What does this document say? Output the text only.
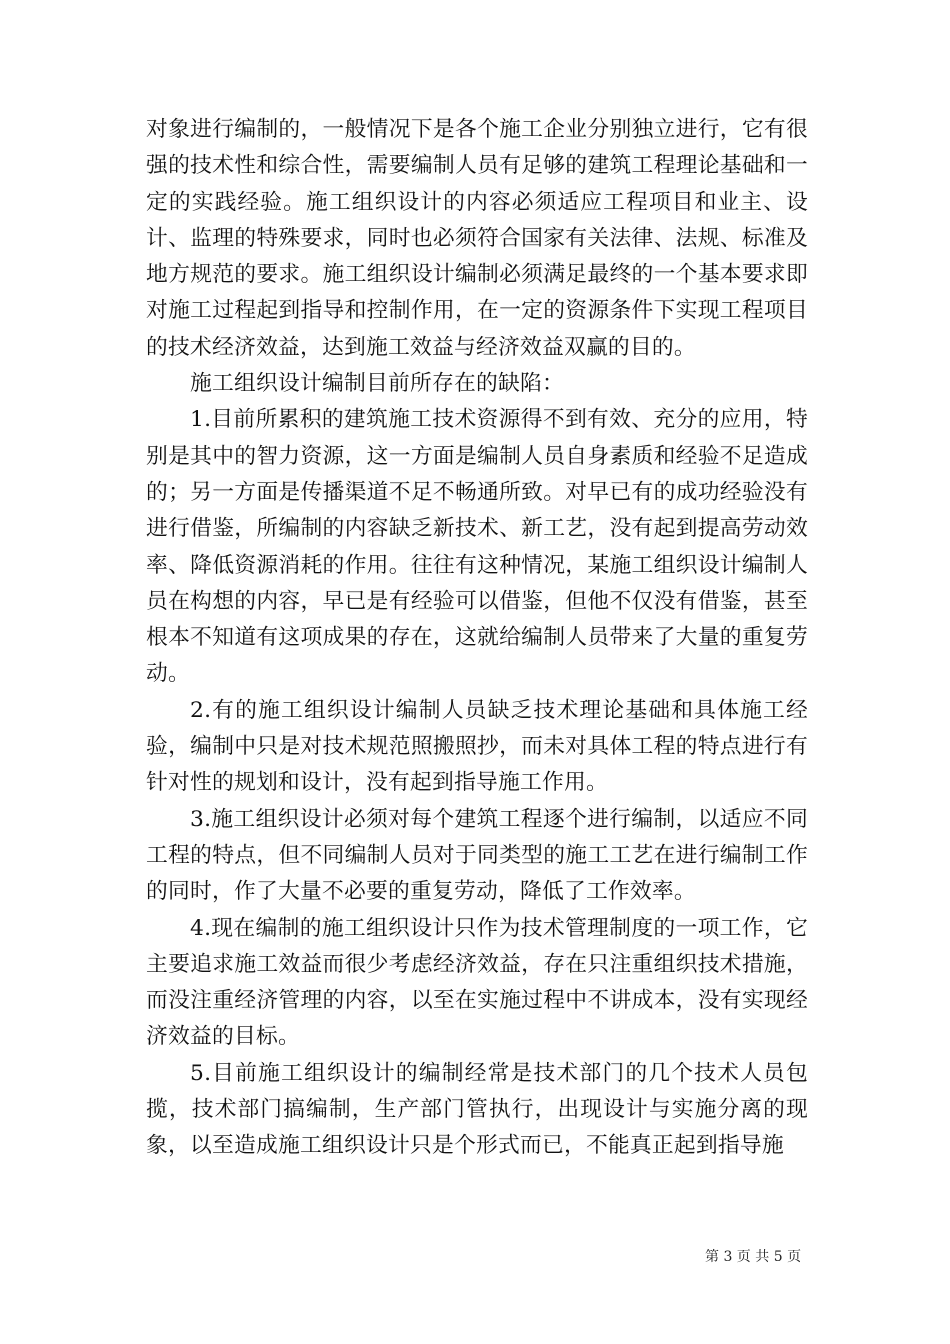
对象进行编制的，一般情况下是各个施工企业分别独立进行，它有很强的技术性和综合性，需要编制人员有足够的建筑工程理论基础和一定的实践经验。施工组织设计的内容必须适应工程项目和业主、设计、监理的特殊要求，同时也必须符合国家有关法律、法规、标准及地方规范的要求。施工组织设计编制必须满足最终的一个基本要求即对施工过程起到指导和控制作用，在一定的资源条件下实现工程项目的技术经济效益，达到施工效益与经济效益双赢的目的。

施工组织设计编制目前所存在的缺陷：

1.目前所累积的建筑施工技术资源得不到有效、充分的应用，特别是其中的智力资源，这一方面是编制人员自身素质和经验不足造成的；另一方面是传播渠道不足不畅通所致。对早已有的成功经验没有进行借鉴，所编制的内容缺乏新技术、新工艺，没有起到提高劳动效率、降低资源消耗的作用。往往有这种情况，某施工组织设计编制人员在构想的内容，早已是有经验可以借鉴，但他不仅没有借鉴，甚至根本不知道有这项成果的存在，这就给编制人员带来了大量的重复劳动。

2.有的施工组织设计编制人员缺乏技术理论基础和具体施工经验，编制中只是对技术规范照搬照抄，而未对具体工程的特点进行有针对性的规划和设计，没有起到指导施工作用。

3.施工组织设计必须对每个建筑工程逐个进行编制，以适应不同工程的特点，但不同编制人员对于同类型的施工工艺在进行编制工作的同时，作了大量不必要的重复劳动，降低了工作效率。

4.现在编制的施工组织设计只作为技术管理制度的一项工作，它主要追求施工效益而很少考虑经济效益，存在只注重组织技术措施，而没注重经济管理的内容，以至在实施过程中不讲成本，没有实现经济效益的目标。

5.目前施工组织设计的编制经常是技术部门的几个技术人员包揽，技术部门搞编制，生产部门管执行，出现设计与实施分离的现象，以至造成施工组织设计只是个形式而已，不能真正起到指导施

第 3 页 共 5 页
